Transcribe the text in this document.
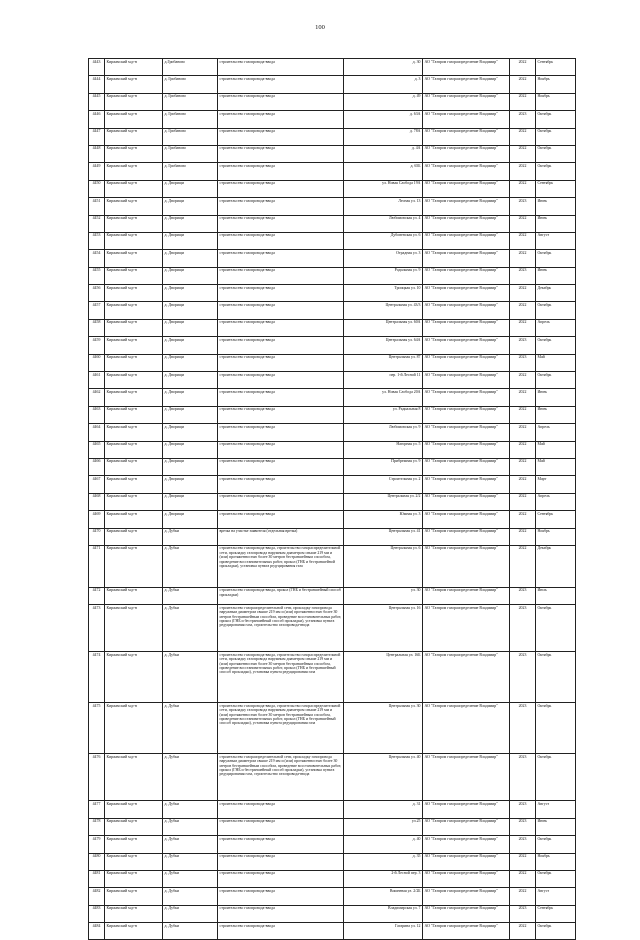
100
4443	Киржачский м.р-н	д.Грибаново	строительство газопровода-ввода	д. 30	АО "Газпром газораспределение Владимир"	2022	Сентябрь
4444	Киржачский м.р-н	д. Грибаново	строительство газопровода-ввода	д. 3	АО "Газпром газораспределение Владимир"	2022	Ноябрь
4445	Киржачский м.р-н	д. Грибаново	строительство газопровода-ввода	д. 49	АО "Газпром газораспределение Владимир"	2022	Ноябрь
4446	Киржачский м.р-н	д. Грибаново	строительство газопровода-ввода	д. 63А	АО "Газпром газораспределение Владимир"	2023	Октябрь
4447	Киржачский м.р-н	д. Грибаново	строительство газопровода-ввода	д. 78А	АО "Газпром газораспределение Владимир"	2022	Октябрь
4448	Киржачский м.р-н	д. Грибаново	строительство газопровода-ввода	д. 4А	АО "Газпром газораспределение Владимир"	2022	Октябрь
4449	Киржачский м.р-н	д. Грибаново	строительство газопровода-ввода	д. 65Б	АО "Газпром газораспределение Владимир"	2022	Октябрь
4450	Киржачский м.р-н	д. Дворищи	строительство газопровода-ввода	ул. Новая Слобода 19А	АО "Газпром газораспределение Владимир"	2022	Сентябрь
4451	Киржачский м.р-н	д. Дворищи	строительство газопровода-ввода	Лесная ул. 13	АО "Газпром газораспределение Владимир"	2023	Июнь
4452	Киржачский м.р-н	д. Дворищи	строительство газопровода-ввода	Любимовская ул. 4	АО "Газпром газораспределение Владимир"	2022	Июнь
4453	Киржачский м.р-н	д. Дворищи	строительство газопровода-ввода	Дубовенская ул. 6	АО "Газпром газораспределение Владимир"	2022	Август
4454	Киржачский м.р-н	д. Дворищи	строительство газопровода-ввода	Отрадная ул. 3	АО "Газпром газораспределение Владимир"	2022	Октябрь
4455	Киржачский м.р-н	д. Дворищи	строительство газопровода-ввода	Родильная ул. 9	АО "Газпром газораспределение Владимир"	2023	Июнь
4456	Киржачский м.р-н	д. Дворищи	строительство газопровода-ввода	Троицкая ул. 10	АО "Газпром газораспределение Владимир"	2022	Декабрь
4457	Киржачский м.р-н	д. Дворищи	строительство газопровода-ввода	Центральная ул. 43/3	АО "Газпром газораспределение Владимир"	2022	Октябрь
4458	Киржачский м.р-н	д. Дворищи	строительство газопровода-ввода	Центральная ул. 60А	АО "Газпром газораспределение Владимир"	2022	Апрель
4459	Киржачский м.р-н	д. Дворищи	строительство газопровода-ввода	Центральная ул. 64А	АО "Газпром газораспределение Владимир"	2023	Октябрь
4460	Киржачский м.р-н	д. Дворищи	строительство газопровода-ввода	Центральная ул. 87	АО "Газпром газораспределение Владимир"	2023	Май
4461	Киржачский м.р-н	д. Дворищи	строительство газопровода-ввода	пер. 1-й Лесной 11	АО "Газпром газораспределение Владимир"	2022	Октябрь
4462	Киржачский м.р-н	д. Дворищи	строительство газопровода-ввода	ул. Новая Слобода 20А	АО "Газпром газораспределение Владимир"	2022	Июнь
4463	Киржачский м.р-н	д. Дворищи	строительство газопровода-ввода	ул. Радиальная 8	АО "Газпром газораспределение Владимир"	2022	Июнь
4464	Киржачский м.р-н	д. Дворищи	строительство газопровода-ввода	Любимовская ул. 9	АО "Газпром газораспределение Владимир"	2022	Апрель
4465	Киржачский м.р-н	д. Дворищи	строительство газопровода-ввода	Нагорная ул. 5	АО "Газпром газораспределение Владимир"	2022	Май
4466	Киржачский м.р-н	д. Дворищи	строительство газопровода-ввода	Прибрежная ул. 9	АО "Газпром газораспределение Владимир"	2022	Май
4467	Киржачский м.р-н	д. Дворищи	строительство газопровода-ввода	Строительная ул. 2	АО "Газпром газораспределение Владимир"	2022	Март
4468	Киржачский м.р-н	д. Дворищи	строительство газопровода-ввода	Центральная ул. 2/2	АО "Газпром газораспределение Владимир"	2022	Апрель
4469	Киржачский м.р-н	д. Дворищи	строительство газопровода-ввода	Южная ул. 3	АО "Газпром газораспределение Владимир"	2022	Сентябрь
4470	Киржачский м.р-н	д. Дубки	врезка на участке заявителя (отдельная врезка)	Центральная ул. 41	АО "Газпром газораспределение Владимир"	2022	Ноябрь
4471	Киржачский м.р-н	д. Дубки	строительство газопровода-ввода, строительство газораспределительной сети, прокладку газопровода наружным диаметром свыше 219 мм и (или) протяженностью более 30 метров бестраншейным способом, проведение восстановительных работ, прокол (ГНБ и бестраншейной прокладки), установка пункта редуцирования газа	Центральная ул. 6	АО "Газпром газораспределение Владимир"	2022	Декабрь
4472	Киржачский м.р-н	д. Дубки	строительство газопровода-ввода, прокол (ГНБ и бестраншейный способ прокладки)	ул. 30	АО "Газпром газораспределение Владимир"	2023	Июль
4473	Киржачский м.р-н	д. Дубки	строительство газораспределительной сети, прокладку газопровода наружным диаметром свыше 219 мм и (или) протяженностью более 30 метров бестраншейным способом, проведение восстановительных работ, прокол (ГНБ и бестраншейный способ прокладки), установка пункта редуцирования газа, строительство газопровода-ввода	Центральная ул. 16	АО "Газпром газораспределение Владимир"	2023	Октябрь
4474	Киржачский м.р-н	д. Дубки	строительство газопровода-ввода, строительство газораспределительной сети, прокладку газопровода наружным диаметром свыше 219 мм и (или) протяженностью более 30 метров бестраншейным способом, проведение восстановительных работ, прокол (ГНБ и бестраншейный способ прокладки), установка пункта редуцирования газа	Центральная ул. 16Б	АО "Газпром газораспределение Владимир"	2023	Октябрь
4475	Киржачский м.р-н	д. Дубки	строительство газопровода-ввода, строительство газораспределительной сети, прокладку газопровода наружным диаметром свыше 219 мм и (или) протяженностью более 30 метров бестраншейным способом, проведение восстановительных работ, прокол (ГНБ и бестраншейный способ прокладки), установка пункта редуцирования газа	Центральная ул. 30	АО "Газпром газораспределение Владимир"	2023	Октябрь
4476	Киржачский м.р-н	д. Дубки	строительство газораспределительной сети, прокладку газопровода наружным диаметром свыше 219 мм и (или) протяженностью более 30 метров бестраншейным способом, проведение восстановительных работ, прокол (ГНБ и бестраншейный способ прокладки), установка пункта редуцирования газа, строительство газопровода-ввода	Центральная ул. 40	АО "Газпром газораспределение Владимир"	2023	Октябрь
4477	Киржачский м.р-н	д. Дубки	строительство газопровода-ввода	д. 31	АО "Газпром газораспределение Владимир"	2023	Август
4478	Киржачский м.р-н	д. Дубки	строительство газопровода-ввода	ул.25	АО "Газпром газораспределение Владимир"	2023	Июнь
4479	Киржачский м.р-н	д. Дубки	строительство газопровода-ввода	д. 40	АО "Газпром газораспределение Владимир"	2023	Октябрь
4480	Киржачский м.р-н	д. Дубки	строительство газопровода-ввода	д. 35	АО "Газпром газораспределение Владимир"	2022	Ноябрь
4481	Киржачский м.р-н	д. Дубки	строительство газопровода-ввода	2-й Лесной пер. 3	АО "Газпром газораспределение Владимир"	2022	Октябрь
4482	Киржачский м.р-н	д. Дубки	строительство газопровода-ввода	Вишневая ул. 2/2Б	АО "Газпром газораспределение Владимир"	2022	Август
4483	Киржачский м.р-н	д. Дубки	строительство газопровода-ввода	Владимирская ул. 7	АО "Газпром газораспределение Владимир"	2023	Сентябрь
4484	Киржачский м.р-н	д. Дубки	строительство газопровода-ввода	Гагарина ул. 12	АО "Газпром газораспределение Владимир"	2022	Октябрь
